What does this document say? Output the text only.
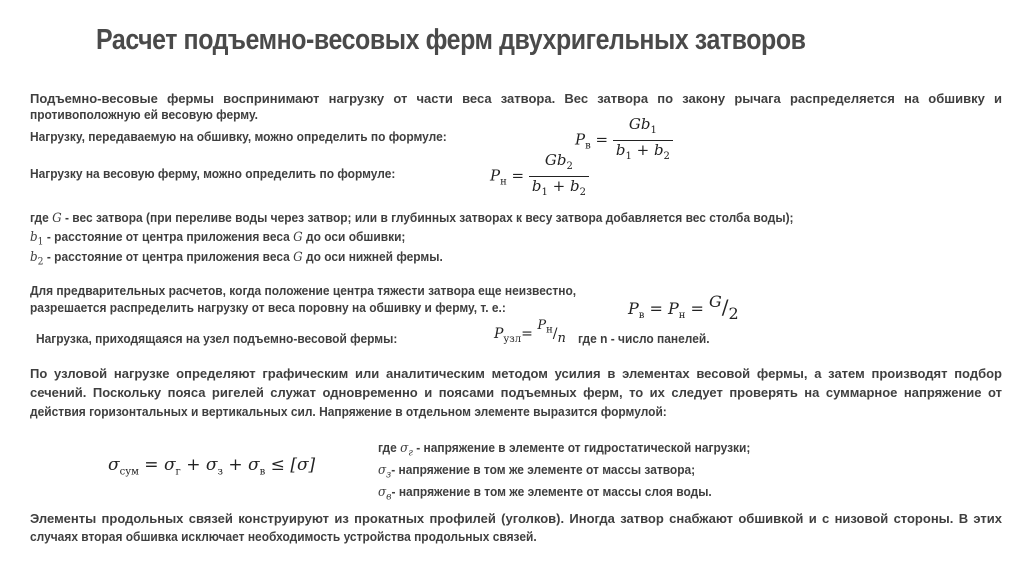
Расчет подъемно-весовых ферм двухригельных затворов
Подъемно-весовые фермы воспринимают нагрузку от части веса затвора. Вес затвора по закону рычага распределяется на обшивку и
противоположную ей весовую ферму.
Нагрузку, передаваемую на обшивку, можно определить по формуле:	$P_в = \frac{Gb_1}{b_1 + b_2}$
Нагрузку на весовую ферму, можно определить по формуле:	$P_н = \frac{Gb_2}{b_1 + b_2}$
где G - вес затвора (при переливе воды через затвор; или в глубинных затворах к весу затвора добавляется вес столба воды);
$b_1$ - расстояние от центра приложения веса G до оси обшивки;
$b_2$ - расстояние от центра приложения веса G до оси нижней фермы.
Для предварительных расчетов, когда положение центра тяжести затвора еще неизвестно,
разрешается распределить нагрузку от веса поровну на обшивку и ферму, т. е.:	$P_в = P_н = G/2$
Нагрузка, приходящаяся на узел подъемно-весовой фермы:	$P_{узл}= P_н/n$ где n - число панелей.
По узловой нагрузке определяют графическим или аналитическим методом усилия в элементах весовой фермы, а затем производят подбор
сечений. Поскольку пояса ригелей служат одновременно и поясами подъемных ферм, то их следует проверять на суммарное напряжение от
действия горизонтальных и вертикальных сил. Напряжение в отдельном элементе выразится формулой:
$\sigma_{сум} = \sigma_г + \sigma_з + \sigma_в \le [\sigma]$
где $\sigma_г$ - напряжение в элементе от гидростатической нагрузки;
$\sigma_з-$ напряжение в том же элементе от массы затвора;
$\sigma_в-$ напряжение в том же элементе от массы слоя воды.
Элементы продольных связей конструируют из прокатных профилей (уголков). Иногда затвор снабжают обшивкой и с низовой стороны. В этих
случаях вторая обшивка исключает необходимость устройства продольных связей.
